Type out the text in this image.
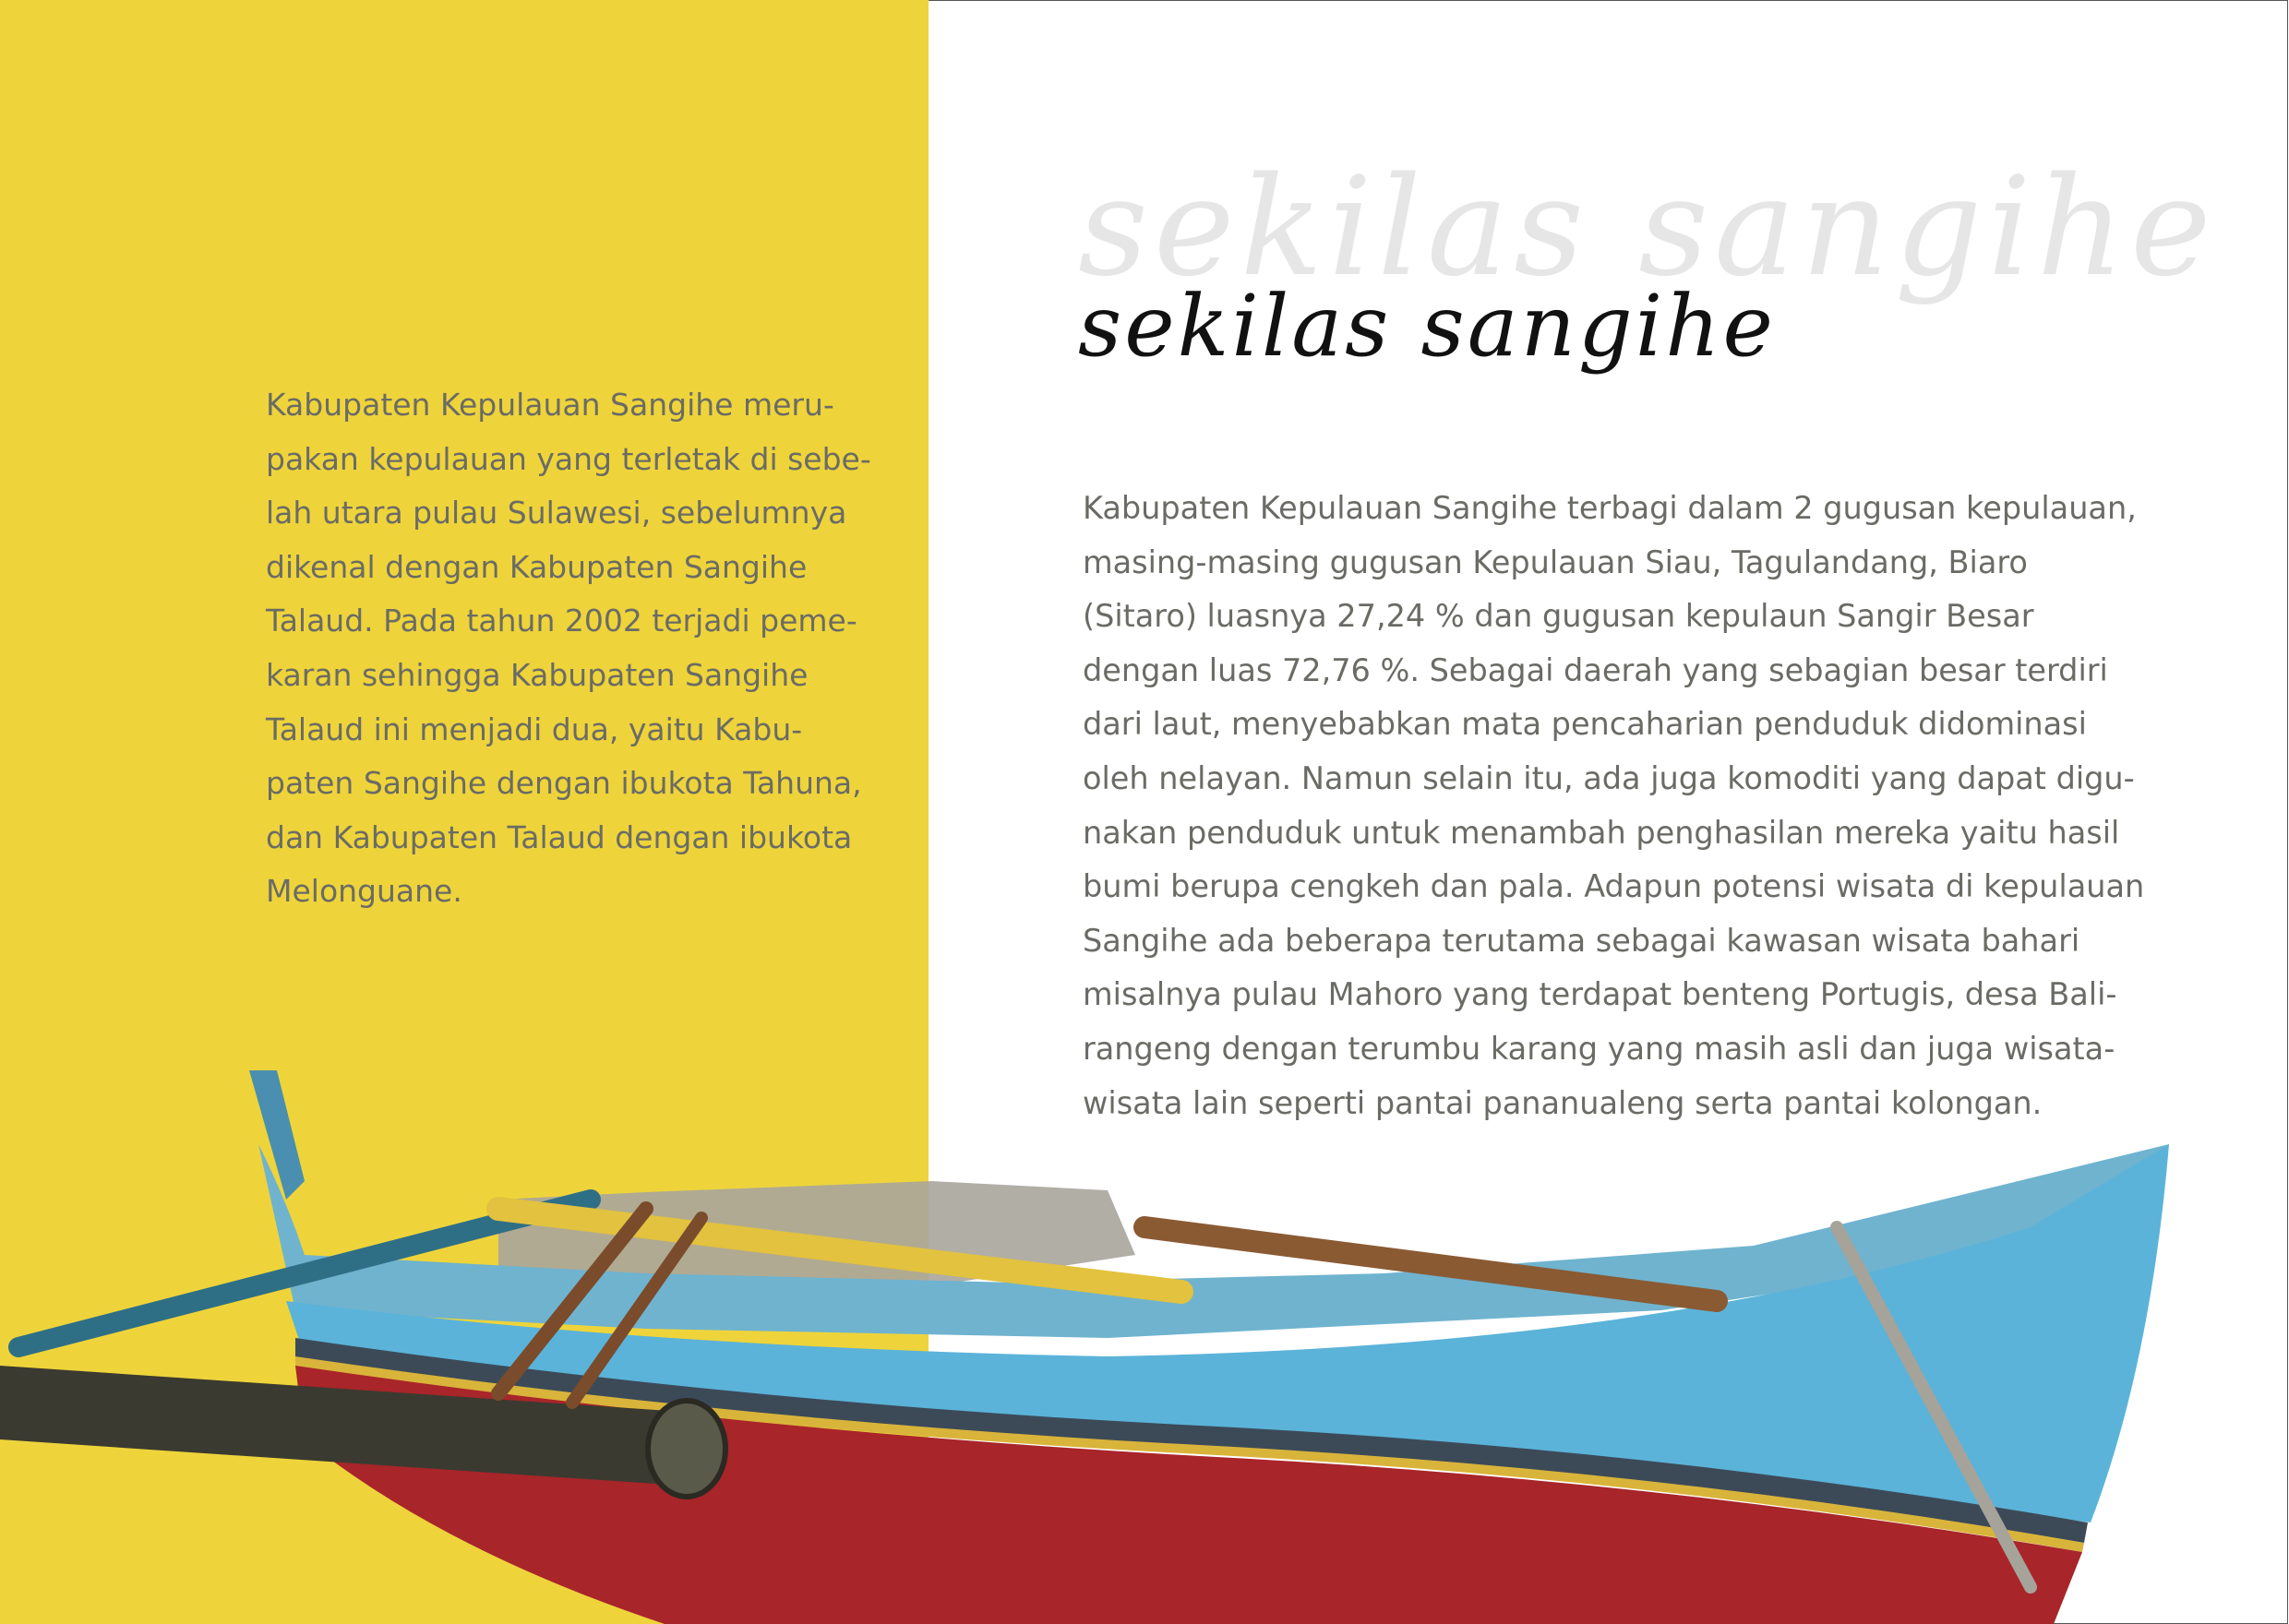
Kabupaten Kepulauan Sangihe meru-
pakan kepulauan yang terletak di sebe-
lah utara pulau Sulawesi, sebelumnya
dikenal dengan Kabupaten Sangihe
Talaud. Pada tahun 2002 terjadi peme-
karan sehingga Kabupaten Sangihe
Talaud ini menjadi dua, yaitu Kabu-
paten Sangihe dengan ibukota Tahuna,
dan Kabupaten Talaud dengan ibukota
Melonguane.
sekilas sangihe
sekilas sangihe
Kabupaten Kepulauan Sangihe terbagi dalam 2 gugusan kepulauan,
masing-masing gugusan Kepulauan Siau, Tagulandang, Biaro
(Sitaro) luasnya 27,24 % dan gugusan kepulaun Sangir Besar
dengan luas 72,76 %. Sebagai daerah yang sebagian besar terdiri
dari laut, menyebabkan mata pencaharian penduduk didominasi
oleh nelayan. Namun selain itu, ada juga komoditi yang dapat digu-
nakan penduduk untuk menambah penghasilan mereka yaitu hasil
bumi berupa cengkeh dan pala. Adapun potensi wisata di kepulauan
Sangihe ada beberapa terutama sebagai kawasan wisata bahari
misalnya pulau Mahoro yang terdapat benteng Portugis, desa Bali-
rangeng dengan terumbu karang yang masih asli dan juga wisata-
wisata lain seperti pantai pananualeng serta pantai kolongan.
